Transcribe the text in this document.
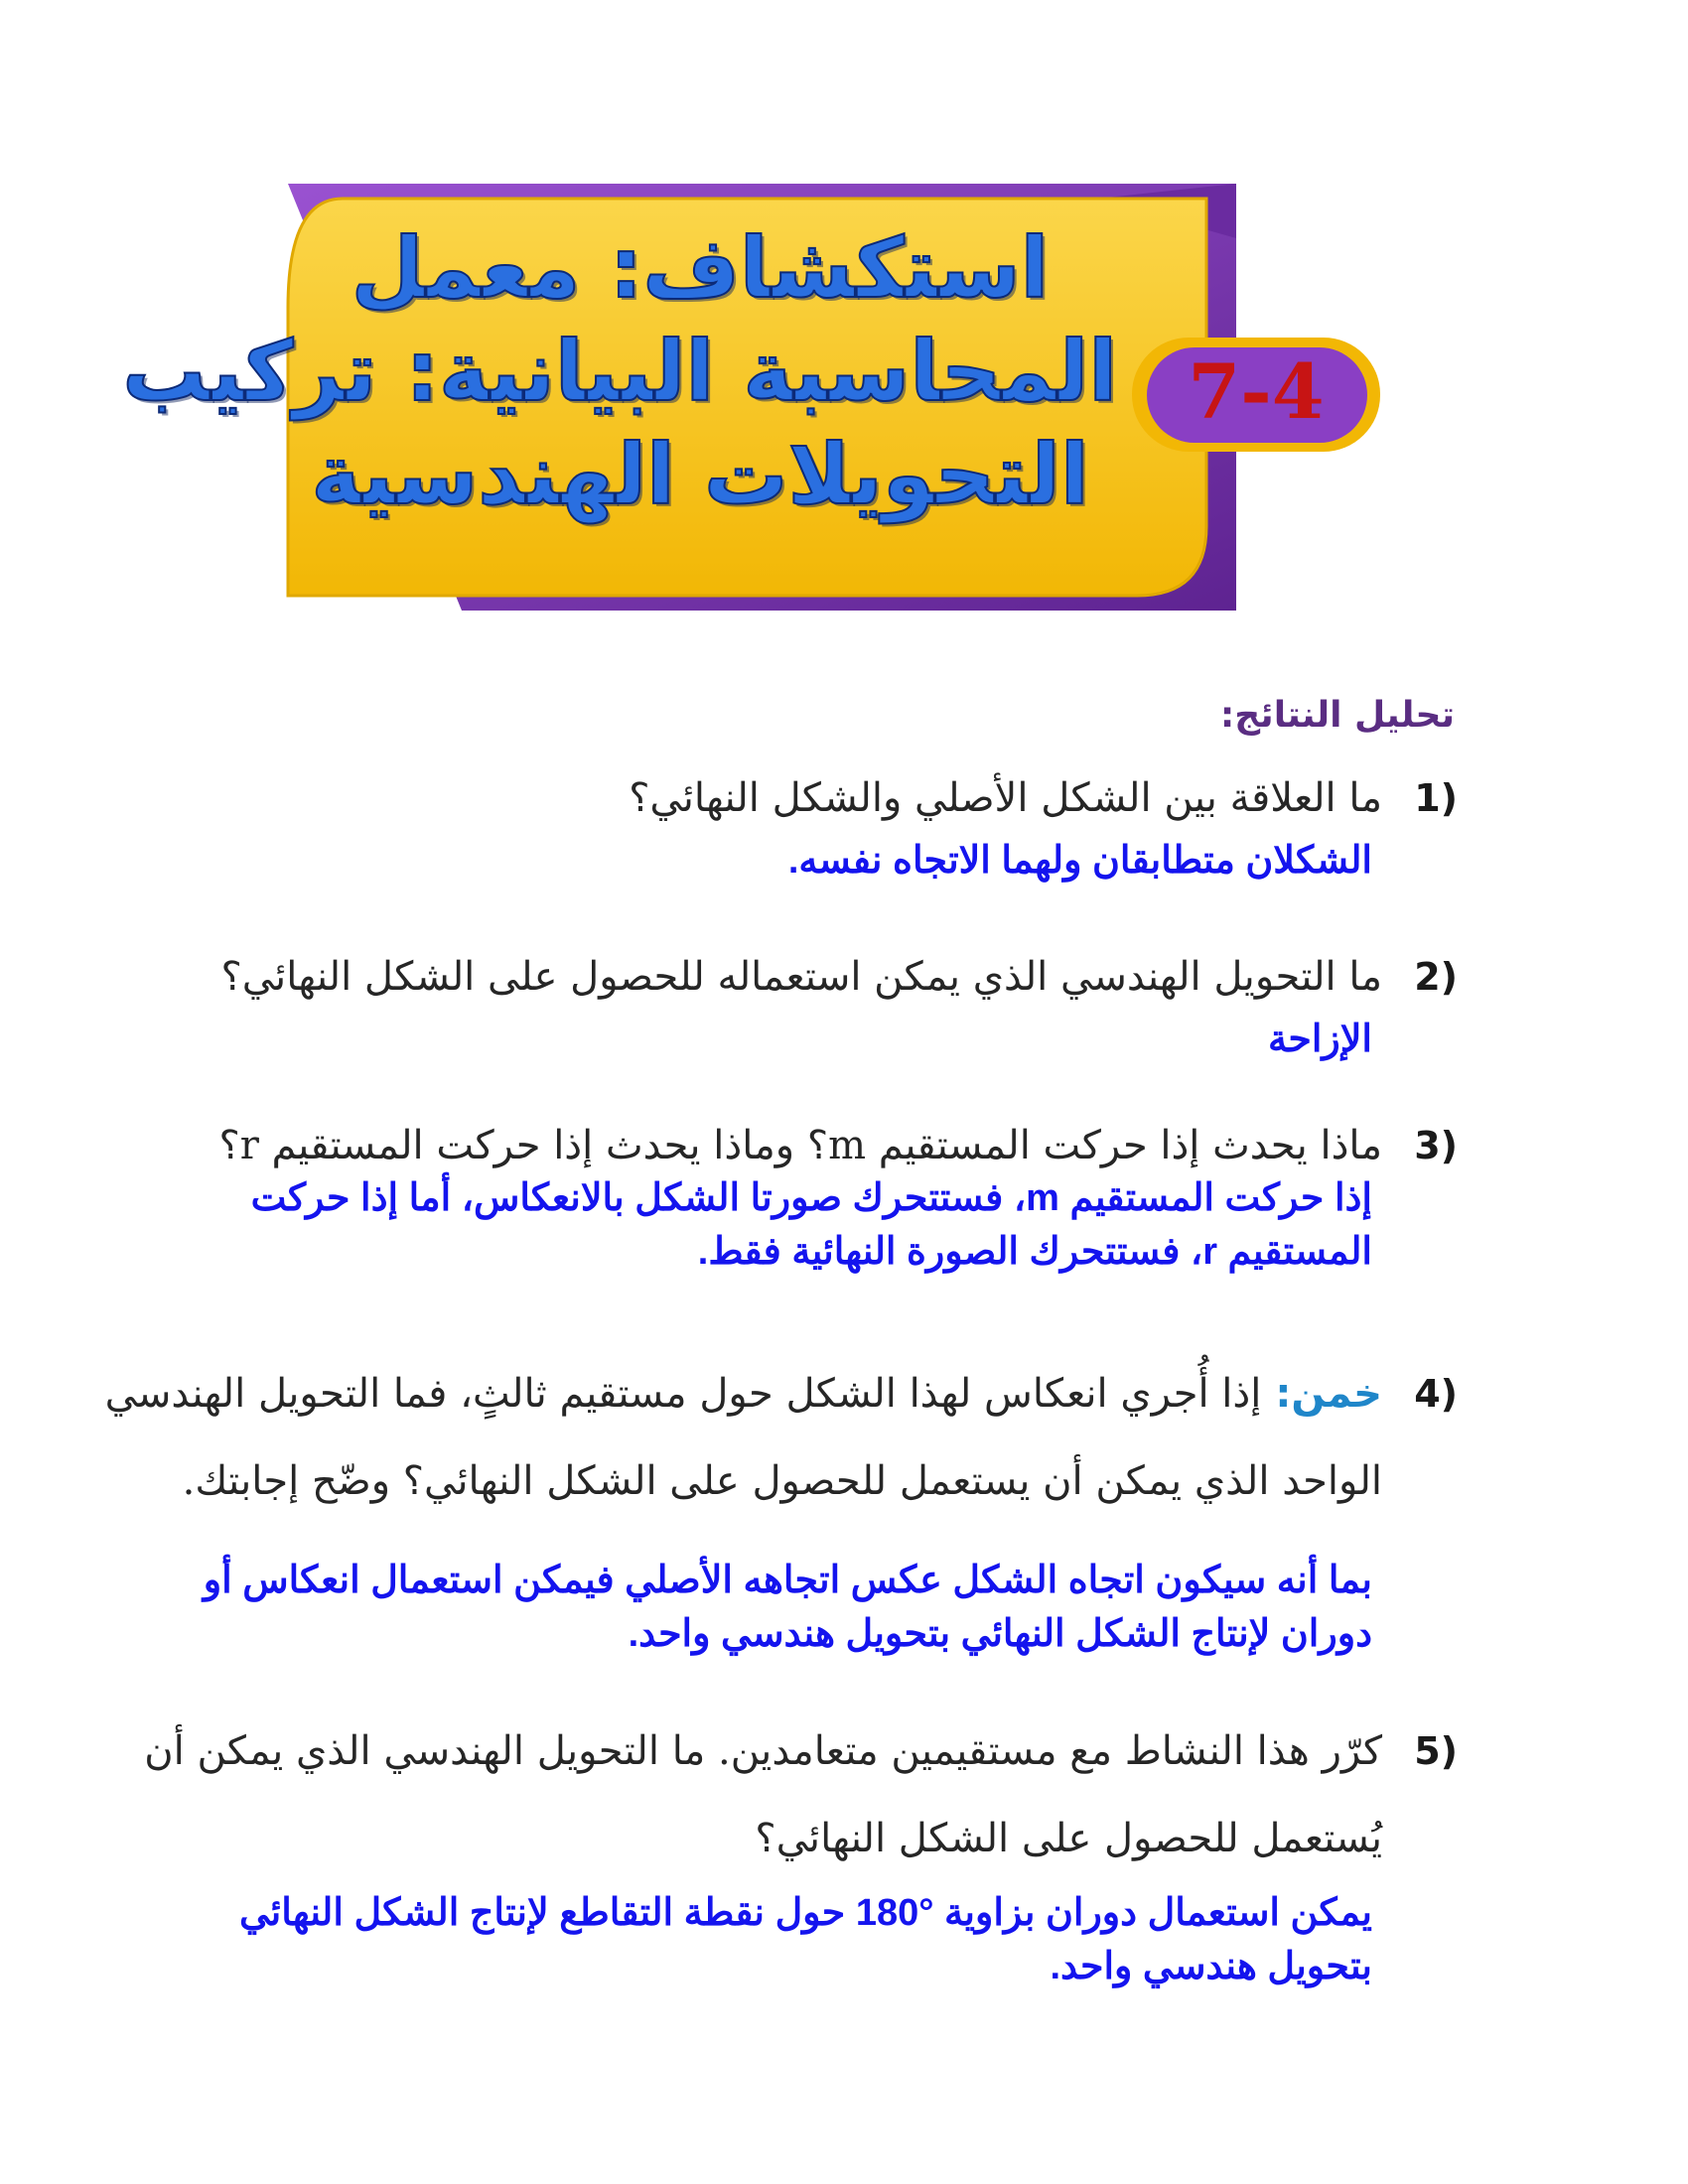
استكشاف: معمل
المحاسبة البيانية: تركيب
التحويلات الهندسية
7-4
تحليل النتائج:
1)ما العلاقة بين الشكل الأصلي والشكل النهائي؟
الشكلان متطابقان ولهما الاتجاه نفسه.
2)ما التحويل الهندسي الذي يمكن استعماله للحصول على الشكل النهائي؟
الإزاحة
3)ماذا يحدث إذا حركت المستقيم m؟ وماذا يحدث إذا حركت المستقيم r؟
إذا حركت المستقيم m، فستتحرك صورتا الشكل بالانعكاس، أما إذا حركت
المستقيم r، فستتحرك الصورة النهائية فقط.
4)خمن:إذا أُجري انعكاس لهذا الشكل حول مستقيم ثالثٍ، فما التحويل الهندسي
الواحد الذي يمكن أن يستعمل للحصول على الشكل النهائي؟ وضّح إجابتك.
بما أنه سيكون اتجاه الشكل عكس اتجاهه الأصلي فيمكن استعمال انعكاس أو
دوران لإنتاج الشكل النهائي بتحويل هندسي واحد.
5)كرّر هذا النشاط مع مستقيمين متعامدين. ما التحويل الهندسي الذي يمكن أن
يُستعمل للحصول على الشكل النهائي؟
يمكن استعمال دوران بزاوية °180 حول نقطة التقاطع لإنتاج الشكل النهائي
بتحويل هندسي واحد.
